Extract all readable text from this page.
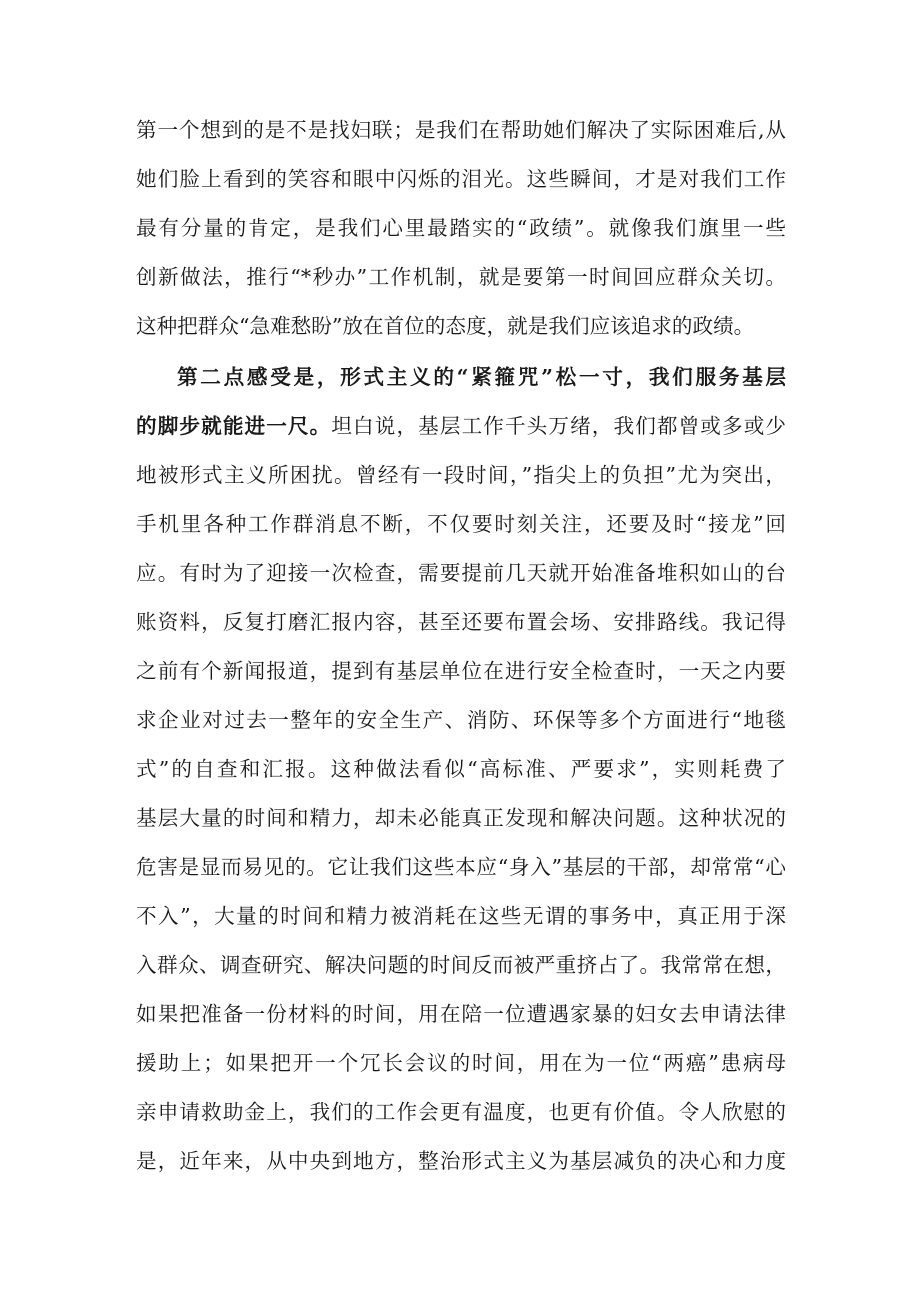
第一个想到的是不是找妇联；是我们在帮助她们解决了实际困难后,从
她们脸上看到的笑容和眼中闪烁的泪光。这些瞬间，才是对我们工作
最有分量的肯定，是我们心里最踏实的“政绩”。就像我们旗里一些
创新做法，推行“*秒办”工作机制，就是要第一时间回应群众关切。
这种把群众“急难愁盼”放在首位的态度，就是我们应该追求的政绩。
第二点感受是，形式主义的“紧箍咒”松一寸，我们服务基层
的脚步就能进一尺。坦白说，基层工作千头万绪，我们都曾或多或少
地被形式主义所困扰。曾经有一段时间，”指尖上的负担”尤为突出，
手机里各种工作群消息不断，不仅要时刻关注，还要及时“接龙”回
应。有时为了迎接一次检查，需要提前几天就开始准备堆积如山的台
账资料，反复打磨汇报内容，甚至还要布置会场、安排路线。我记得
之前有个新闻报道，提到有基层单位在进行安全检查时，一天之内要
求企业对过去一整年的安全生产、消防、环保等多个方面进行“地毯
式”的自查和汇报。这种做法看似“高标准、严要求”，实则耗费了
基层大量的时间和精力，却未必能真正发现和解决问题。这种状况的
危害是显而易见的。它让我们这些本应“身入”基层的干部，却常常“心
不入”，大量的时间和精力被消耗在这些无谓的事务中，真正用于深
入群众、调查研究、解决问题的时间反而被严重挤占了。我常常在想，
如果把准备一份材料的时间，用在陪一位遭遇家暴的妇女去申请法律
援助上；如果把开一个冗长会议的时间，用在为一位“两癌”患病母
亲申请救助金上，我们的工作会更有温度，也更有价值。令人欣慰的
是，近年来，从中央到地方，整治形式主义为基层减负的决心和力度
